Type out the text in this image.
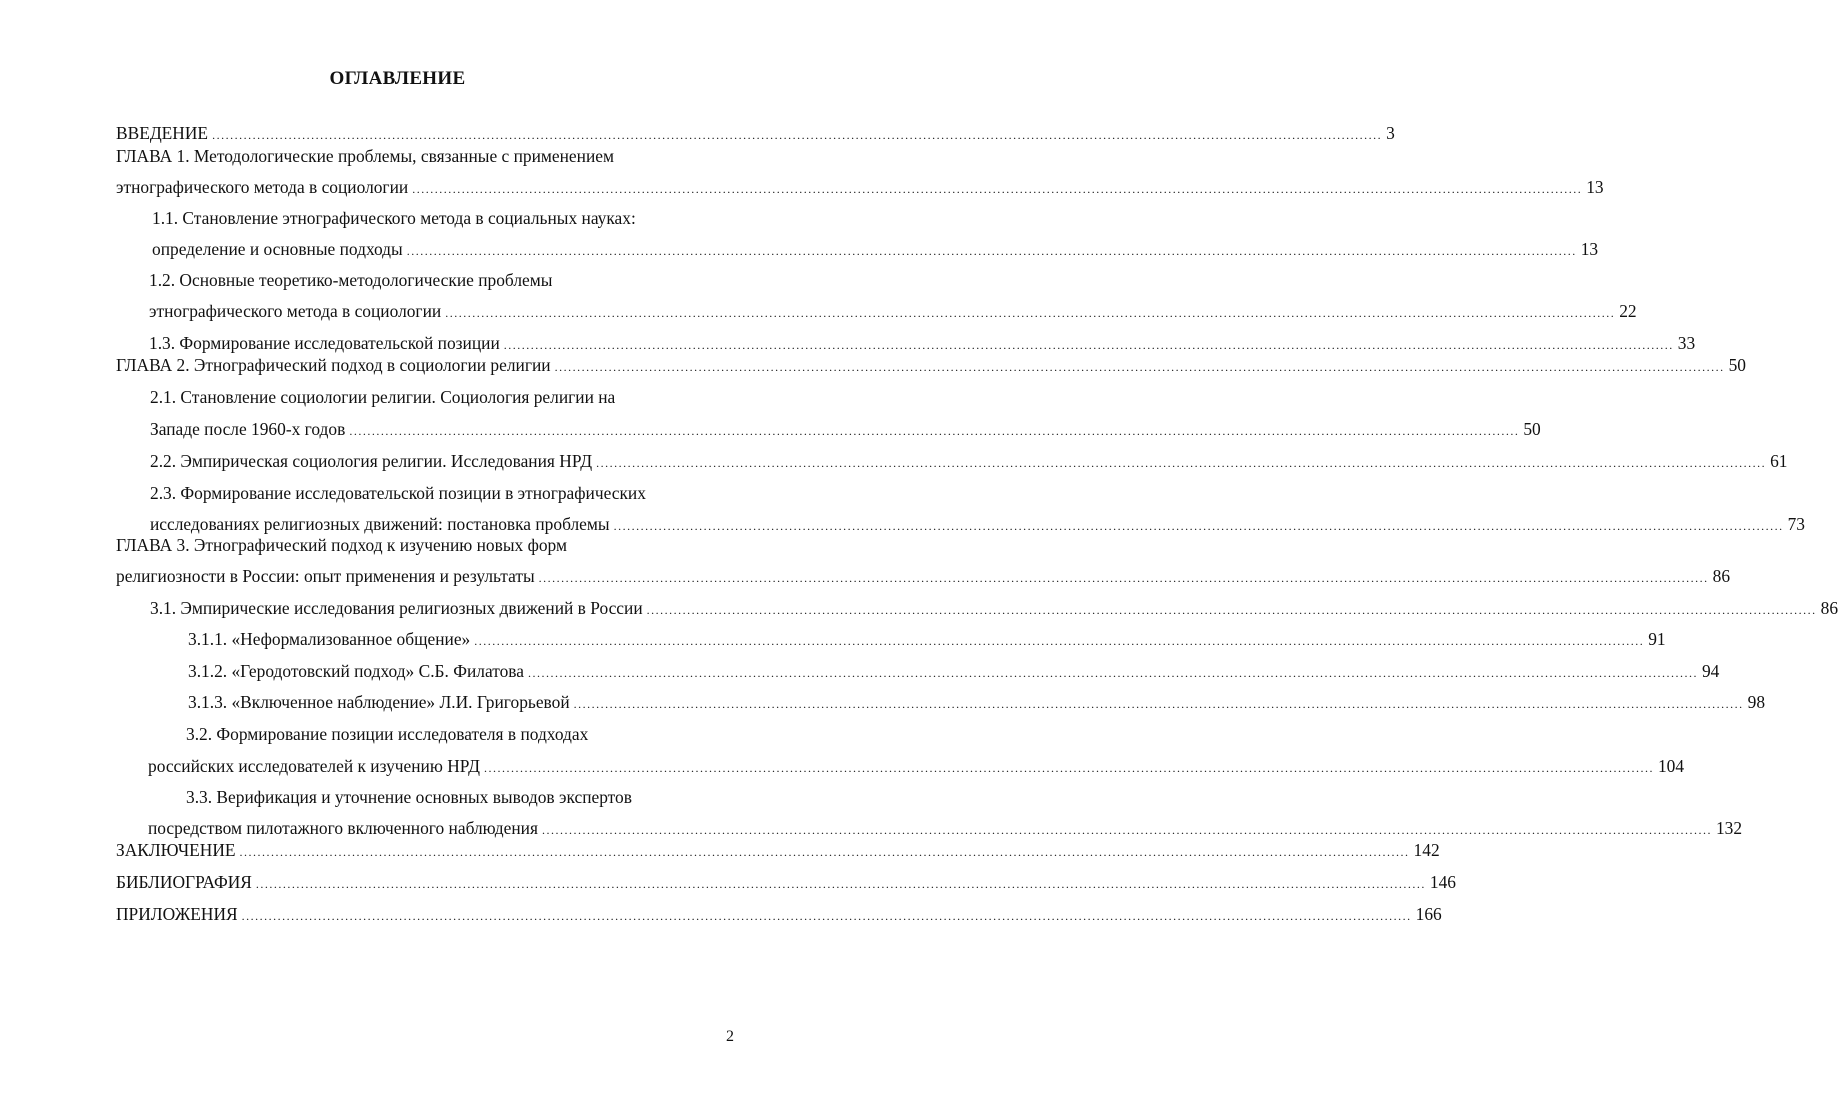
ОГЛАВЛЕНИЕ
ВВЕДЕНИЕ .................................................................................................................................................................................................................................................................... 3
ГЛАВА 1. Методологические проблемы, связанные с применением
этнографического метода в социологии .................................................................................................................................................................................................................................................................... 13
1.1. Становление этнографического метода в социальных науках:
определение и основные подходы .................................................................................................................................................................................................................................................................... 13
1.2. Основные теоретико-методологические проблемы
этнографического метода в социологии .................................................................................................................................................................................................................................................................... 22
1.3. Формирование исследовательской позиции .................................................................................................................................................................................................................................................................... 33
ГЛАВА 2. Этнографический подход в социологии религии .................................................................................................................................................................................................................................................................... 50
2.1. Становление социологии религии. Социология религии на
Западе после 1960-х годов .................................................................................................................................................................................................................................................................... 50
2.2. Эмпирическая социология религии. Исследования НРД .................................................................................................................................................................................................................................................................... 61
2.3. Формирование исследовательской позиции в этнографических
исследованиях религиозных движений: постановка проблемы .................................................................................................................................................................................................................................................................... 73
ГЛАВА 3. Этнографический подход к изучению новых форм
религиозности в России: опыт применения и результаты .................................................................................................................................................................................................................................................................... 86
3.1. Эмпирические исследования религиозных движений в России .................................................................................................................................................................................................................................................................... 86
3.1.1. «Неформализованное общение» .................................................................................................................................................................................................................................................................... 91
3.1.2. «Геродотовский подход» С.Б. Филатова .................................................................................................................................................................................................................................................................... 94
3.1.3. «Включенное наблюдение» Л.И. Григорьевой .................................................................................................................................................................................................................................................................... 98
3.2. Формирование позиции исследователя в подходах
российских исследователей к изучению НРД .................................................................................................................................................................................................................................................................... 104
3.3. Верификация и уточнение основных выводов экспертов
посредством пилотажного включенного наблюдения .................................................................................................................................................................................................................................................................... 132
ЗАКЛЮЧЕНИЕ .................................................................................................................................................................................................................................................................... 142
БИБЛИОГРАФИЯ .................................................................................................................................................................................................................................................................... 146
ПРИЛОЖЕНИЯ .................................................................................................................................................................................................................................................................... 166
2
